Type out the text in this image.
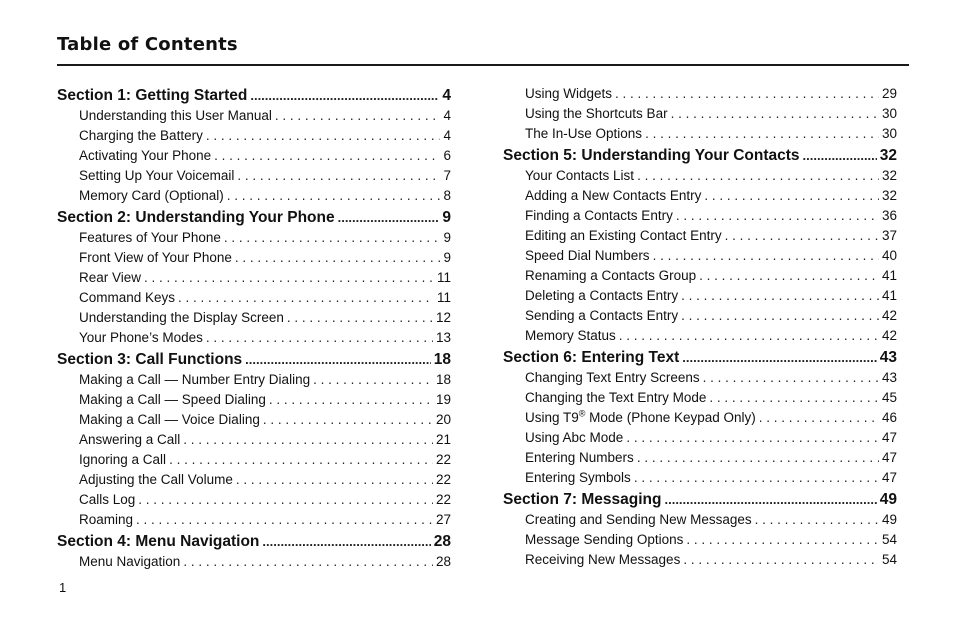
Table of Contents
Section 1: Getting Started .....	4
Understanding this User Manual . . .	4
Charging the Battery . . .	4
Activating Your Phone . . .	6
Setting Up Your Voicemail . . .	7
Memory Card (Optional) . . .	8
Section 2: Understanding Your Phone .....	9
Features of Your Phone . . .	9
Front View of Your Phone . . .	9
Rear View . . .	11
Command Keys . . .	11
Understanding the Display Screen . . .	12
Your Phone’s Modes . . .	13
Section 3: Call Functions .....	18
Making a Call — Number Entry Dialing . . .	18
Making a Call — Speed Dialing . . .	19
Making a Call — Voice Dialing . . .	20
Answering a Call . . .	21
Ignoring a Call . . .	22
Adjusting the Call Volume . . .	22
Calls Log . . .	22
Roaming . . .	27
Section 4: Menu Navigation .....	28
Menu Navigation . . .	28
Using Widgets . . .	29
Using the Shortcuts Bar . . .	30
The In-Use Options . . .	30
Section 5: Understanding Your Contacts .....	32
Your Contacts List . . .	32
Adding a New Contacts Entry . . .	32
Finding a Contacts Entry . . .	36
Editing an Existing Contact Entry . . .	37
Speed Dial Numbers . . .	40
Renaming a Contacts Group . . .	41
Deleting a Contacts Entry . . .	41
Sending a Contacts Entry . . .	42
Memory Status . . .	42
Section 6: Entering Text .....	43
Changing Text Entry Screens . . .	43
Changing the Text Entry Mode . . .	45
Using T9® Mode (Phone Keypad Only) . . .	46
Using Abc Mode . . .	47
Entering Numbers . . .	47
Entering Symbols . . .	47
Section 7: Messaging .....	49
Creating and Sending New Messages . . .	49
Message Sending Options . . .	54
Receiving New Messages . . .	54
1
